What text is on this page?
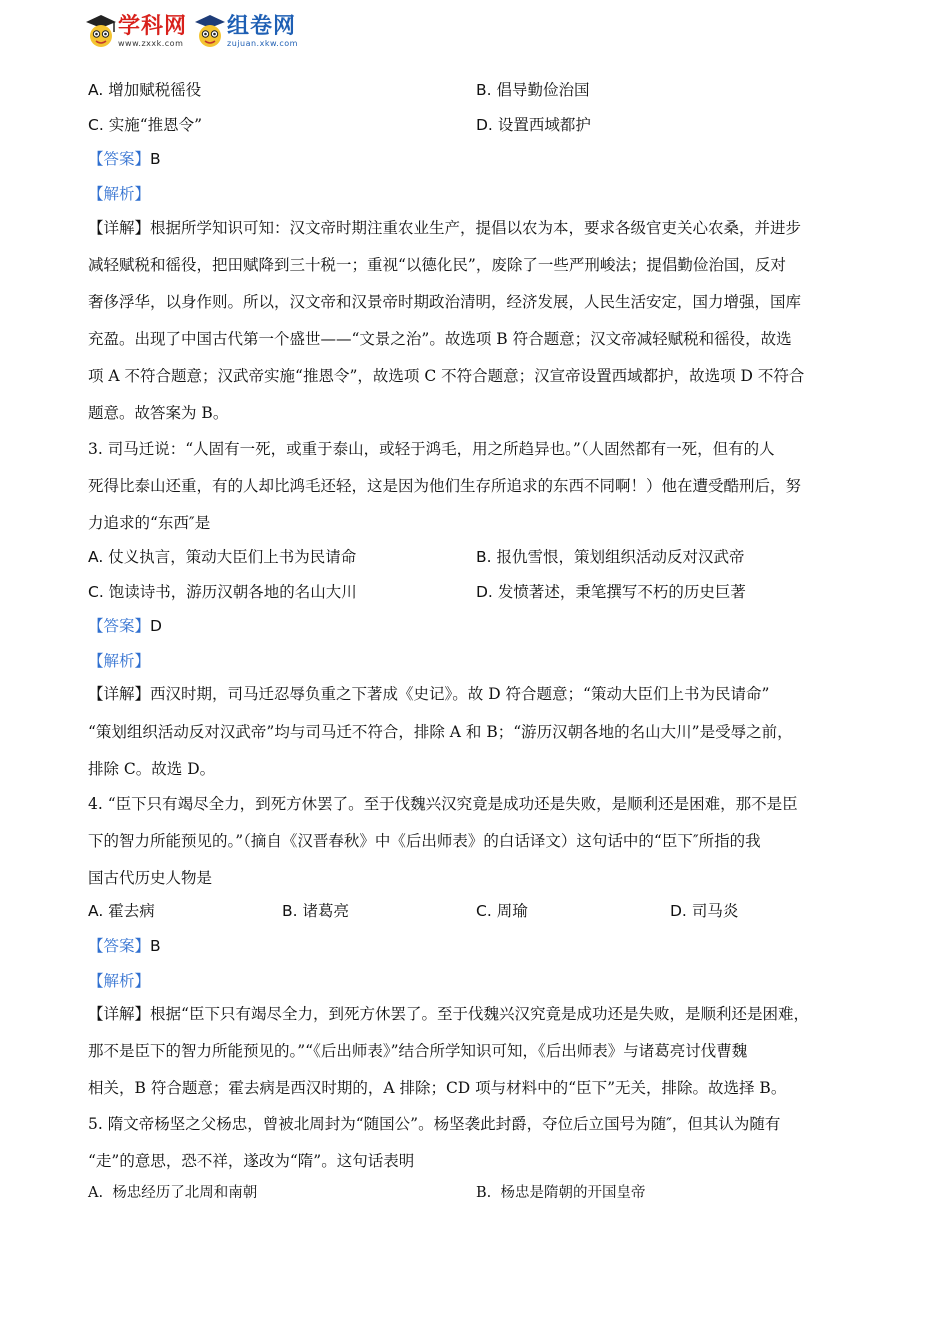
学科网
www.zxxk.com
组卷网
zujuan.xkw.com
A. 增加赋税徭役	B. 倡导勤俭治国
C. 实施“推恩令”	D. 设置西域都护
【答案】B
【解析】
【详解】根据所学知识可知：汉文帝时期注重农业生产，提倡以农为本，要求各级官吏关心农桑，并进步
减轻赋税和徭役，把田赋降到三十税一；重视“以德化民”，废除了一些严刑峻法；提倡勤俭治国，反对
奢侈浮华，以身作则。所以，汉文帝和汉景帝时期政治清明，经济发展，人民生活安定，国力增强，国库
充盈。出现了中国古代第一个盛世——“文景之治”。故选项 B 符合题意；汉文帝减轻赋税和徭役，故选
项 A 不符合题意；汉武帝实施“推恩令”，故选项 C 不符合题意；汉宣帝设置西域都护，故选项 D 不符合
题意。故答案为 B。
3. 司马迁说：“人固有一死，或重于泰山，或轻于鸿毛，用之所趋异也。”（人固然都有一死，但有的人
死得比泰山还重，有的人却比鸿毛还轻，这是因为他们生存所追求的东西不同啊！）他在遭受酷刑后，努
力追求的“东西″是
A. 仗义执言，策动大臣们上书为民请命	B. 报仇雪恨，策划组织活动反对汉武帝
C. 饱读诗书，游历汉朝各地的名山大川	D. 发愤著述，秉笔撰写不朽的历史巨著
【答案】D
【解析】
【详解】西汉时期，司马迁忍辱负重之下著成《史记》。故 D 符合题意；“策动大臣们上书为民请命”
“策划组织活动反对汉武帝”均与司马迁不符合，排除 A 和 B；“游历汉朝各地的名山大川”是受辱之前，
排除 C。故选 D。
4. “臣下只有竭尽全力，到死方休罢了。至于伐魏兴汉究竟是成功还是失败，是顺利还是困难，那不是臣
下的智力所能预见的。”（摘自《汉晋春秋》中《后出师表》的白话译文）这句话中的“臣下″所指的我
国古代历史人物是
A. 霍去病	B. 诸葛亮	C. 周瑜	D. 司马炎
【答案】B
【解析】
【详解】根据“臣下只有竭尽全力，到死方休罢了。至于伐魏兴汉究竟是成功还是失败，是顺利还是困难，
那不是臣下的智力所能预见的。”“《后出师表》”结合所学知识可知，《后出师表》与诸葛亮讨伐曹魏
相关，B 符合题意；霍去病是西汉时期的，A 排除；CD 项与材料中的“臣下”无关，排除。故选择 B。
5. 隋文帝杨坚之父杨忠，曾被北周封为“随国公”。杨坚袭此封爵，夺位后立国号为随″，但其认为随有
“走”的意思，恐不祥，遂改为“隋”。这句话表明
A. 杨忠经历了北周和南朝	B. 杨忠是隋朝的开国皇帝
